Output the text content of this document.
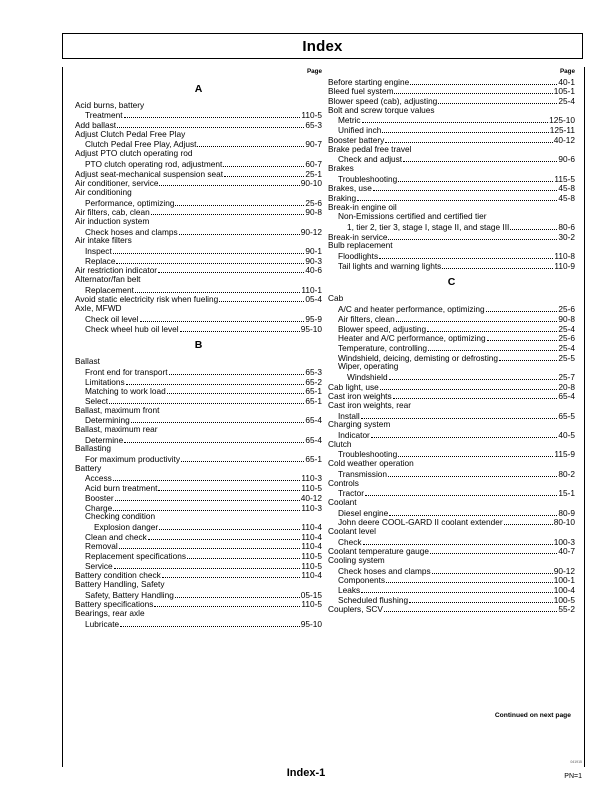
Index
Page
A
Acid burns, battery
Treatment	110-5
Add ballast	65-3
Adjust Clutch Pedal Free Play
Clutch Pedal Free Play, Adjust	90-7
Adjust PTO clutch operating rod
PTO clutch operating rod, adjustment	60-7
Adjust seat-mechanical suspension seat	25-1
Air conditioner, service	90-10
Air conditioning
Performance, optimizing	25-6
Air filters, cab, clean	90-8
Air induction system
Check hoses and clamps	90-12
Air intake filters
Inspect	90-1
Replace	90-3
Air restriction indicator	40-6
Alternator/fan belt
Replacement	110-1
Avoid static electricity risk when fueling	05-4
Axle, MFWD
Check oil level	95-9
Check wheel hub oil level	95-10
B
Ballast
Front end for transport	65-3
Limitations	65-2
Matching to work load	65-1
Select	65-1
Ballast, maximum front
Determining	65-4
Ballast, maximum rear
Determine	65-4
Ballasting
For maximum productivity	65-1
Battery
Access	110-3
Acid burn treatment	110-5
Booster	40-12
Charge	110-3
Checking condition
Explosion danger	110-4
Clean and check	110-4
Removal	110-4
Replacement specifications	110-5
Service	110-5
Battery condition check	110-4
Battery Handling, Safety
Safety, Battery Handling	05-15
Battery specifications	110-5
Bearings, rear axle
Lubricate	95-10
Page
Before starting engine	40-1
Bleed fuel system	105-1
Blower speed (cab), adjusting	25-4
Bolt and screw torque values
Metric	125-10
Unified inch	125-11
Booster battery	40-12
Brake pedal free travel
Check and adjust	90-6
Brakes
Troubleshooting	115-5
Brakes, use	45-8
Braking	45-8
Break-in engine oil
Non-Emissions certified and certified tier
1, tier 2, tier 3, stage I, stage II, and stage III	80-6
Break-in service	30-2
Bulb replacement
Floodlights	110-8
Tail lights and warning lights	110-9
C
Cab
A/C and heater performance, optimizing	25-6
Air filters, clean	90-8
Blower speed, adjusting	25-4
Heater and A/C performance, optimizing	25-6
Temperature, controlling	25-4
Windshield, deicing, demisting or defrosting	25-5
Wiper, operating
Windshield	25-7
Cab light, use	20-8
Cast iron weights	65-4
Cast iron weights, rear
Install	65-5
Charging system
Indicator	40-5
Clutch
Troubleshooting	115-9
Cold weather operation
Transmission	80-2
Controls
Tractor	15-1
Coolant
Diesel engine	80-9
John deere COOL-GARD II coolant extender	80-10
Coolant level
Check	100-3
Coolant temperature gauge	40-7
Cooling system
Check hoses and clamps	90-12
Components	100-1
Leaks	100-4
Scheduled flushing	100-5
Couplers, SCV	55-2
Continued on next page
Index-1
041915
PN=1
